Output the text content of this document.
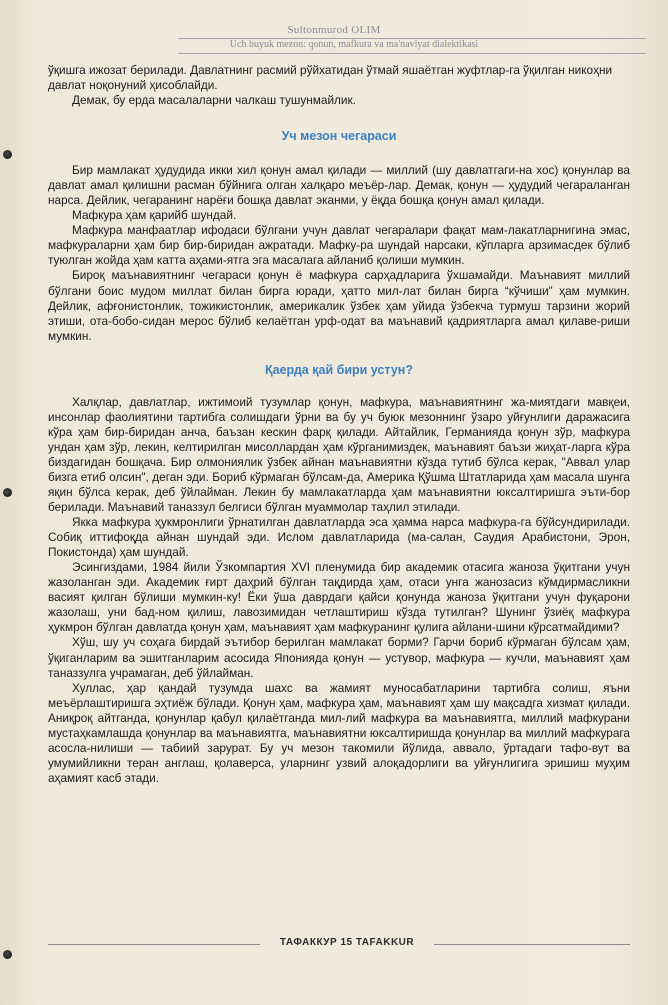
Sultonmurod OLIM
Uch buyuk mezon: qonun, mafkura va ma'naviyat dialektikasi

ўқишга ижозат берилади. Давлатнинг расмий рўйхатидан ўтмай яшаётган жуфтлар-га ўқилган никоҳни давлат ноқонуний ҳисоблайди.

Демак, бу ерда масалаларни чалкаш тушунмайлик.

Уч мезон чегараси

Бир мамлакат ҳудудида икки хил қонун амал қилади — миллий (шу давлатгаги-на хос) қонунлар ва давлат амал қилишни расман бўйнига олган халқаро меъёр-лар. Демак, қонун — ҳудудий чегараланган нарса. Дейлик, чегаранинг нарёғи бошқа давлат эканми, у ёқда бошқа қонун амал қилади.

Мафкура ҳам қарийб шундай.

Мафкура манфаатлар ифодаси бўлгани учун давлат чегаралари фақат мам-лакатларнигина эмас, мафкураларни ҳам бир бир-биридан ажратади. Мафку-ра шундай нарсаки, кўпларга арзимасдек бўлиб туюлган жойда ҳам катта аҳами-ятга эга масалага айланиб қолиши мумкин.

Бироқ маънавиятнинг чегараси қонун ё мафкура сарҳадларига ўхшамайди. Маънавият миллий бўлгани боис мудом миллат билан бирга юради, ҳатто мил-лат билан бирга “кўчиши” ҳам мумкин. Дейлик, афғонистонлик, тожикистонлик, америкалик ўзбек ҳам уйида ўзбекча турмуш тарзини жорий этиши, ота-бобо-сидан мерос бўлиб келаётган урф-одат ва маънавий қадриятларга амал қилаве-риши мумкин.

Қаерда қай бири устун?

Халқлар, давлатлар, ижтимоий тузумлар қонун, мафкура, маънавиятнинг жа-миятдаги мавқеи, инсонлар фаолиятини тартибга солишдаги ўрни ва бу уч буюк мезоннинг ўзаро уйғунлиги даражасига кўра ҳам бир-биридан анча, баъзан кескин фарқ қилади. Айтайлик, Германияда қонун зўр, мафкура ундан ҳам зўр, лекин, келтирилган мисоллардан ҳам кўрганимиздек, маънавият баъзи жиҳат-ларга кўра биздагидан бошқача. Бир олмониялик ўзбек айнан маънавиятни кўзда тутиб бўлса керак, "Аввал улар бизга етиб олсин", деган эди. Бориб кўрмаган бўлсам-да, Америка Қўшма Штатларида ҳам масала шунга яқин бўлса керак, деб ўйлайман. Лекин бу мамлакатларда ҳам маънавиятни юксалтиришга эъти-бор берилади. Маънавий таназзул белгиси бўлган муаммолар таҳлил этилади.

Якка мафкура ҳукмронлиги ўрнатилган давлатларда эса ҳамма нарса мафкура-га бўйсундирилади. Собиқ иттифоқда айнан шундай эди. Ислом давлатларида (ма-салан, Саудия Арабистони, Эрон, Покистонда) ҳам шундай.

Эсингиздами, 1984 йили Ўзкомпартия XVI пленумида бир академик отасига жаноза ўқитгани учун жазоланган эди. Академик ғирт даҳрий бўлган тақдирда ҳам, отаси унга жанозасиз кўмдирмасликни васият қилган бўлиши мумкин-ку! Ёки ўша даврдаги қайси қонунда жаноза ўқитгани учун фуқарони жазолаш, уни бад-ном қилиш, лавозимидан четлаштириш кўзда тутилган? Шунинг ўзиёқ мафкура ҳукмрон бўлган давлатда қонун ҳам, маънавият ҳам мафкуранинг қулига айлани-шини кўрсатмайдими?

Хўш, шу уч соҳага бирдай эътибор берилган мамлакат борми? Гарчи бориб кўрмаган бўлсам ҳам, ўқиганларим ва эшитганларим асосида Японияда қонун — устувор, мафкура — кучли, маънавият ҳам таназзулга учрамаган, деб ўйлайман.

Хуллас, ҳар қандай тузумда шахс ва жамият муносабатларини тартибга солиш, яъни меъёрлаштиришга эҳтиёж бўлади. Қонун ҳам, мафкура ҳам, маънавият ҳам шу мақсадга хизмат қилади. Аниқроқ айтганда, қонунлар қабул қилаётганда мил-лий мафкура ва маънавиятга, миллий мафкурани мустаҳкамлашда қонунлар ва маънавиятга, маънавиятни юксалтиришда қонунлар ва миллий мафкурага асосла-нилиши — табиий зарурат. Бу уч мезон такомили йўлида, аввало, ўртадаги тафо-вут ва умумийликни теран англаш, қолаверса, уларнинг узвий алоқадорлиги ва уйғунлигига эришиш муҳим аҳамият касб этади.

ТАФАККУР 15 TAFAKKUR
